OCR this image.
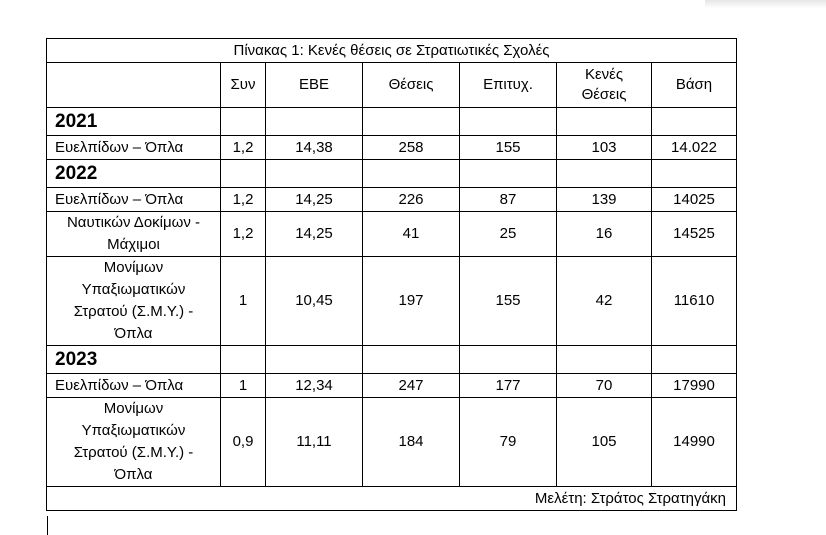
Πίνακας 1: Κενές θέσεις σε Στρατιωτικές Σχολές						
	Συν	ΕΒΕ	Θέσεις	Επιτυχ.	Κενές Θέσεις	Βάση
2021						
Ευελπίδων – Όπλα	1,2	14,38	258	155	103	14.022
2022						
Ευελπίδων – Όπλα	1,2	14,25	226	87	139	14025
Ναυτικών Δοκίμων - Μάχιμοι	1,2	14,25	41	25	16	14525
Μονίμων Υπαξιωματικών Στρατού (Σ.Μ.Υ.) - Όπλα	1	10,45	197	155	42	11610
2023						
Ευελπίδων – Όπλα	1	12,34	247	177	70	17990
Μονίμων Υπαξιωματικών Στρατού (Σ.Μ.Υ.) - Όπλα	0,9	11,11	184	79	105	14990
Μελέτη: Στράτος Στρατηγάκη						
